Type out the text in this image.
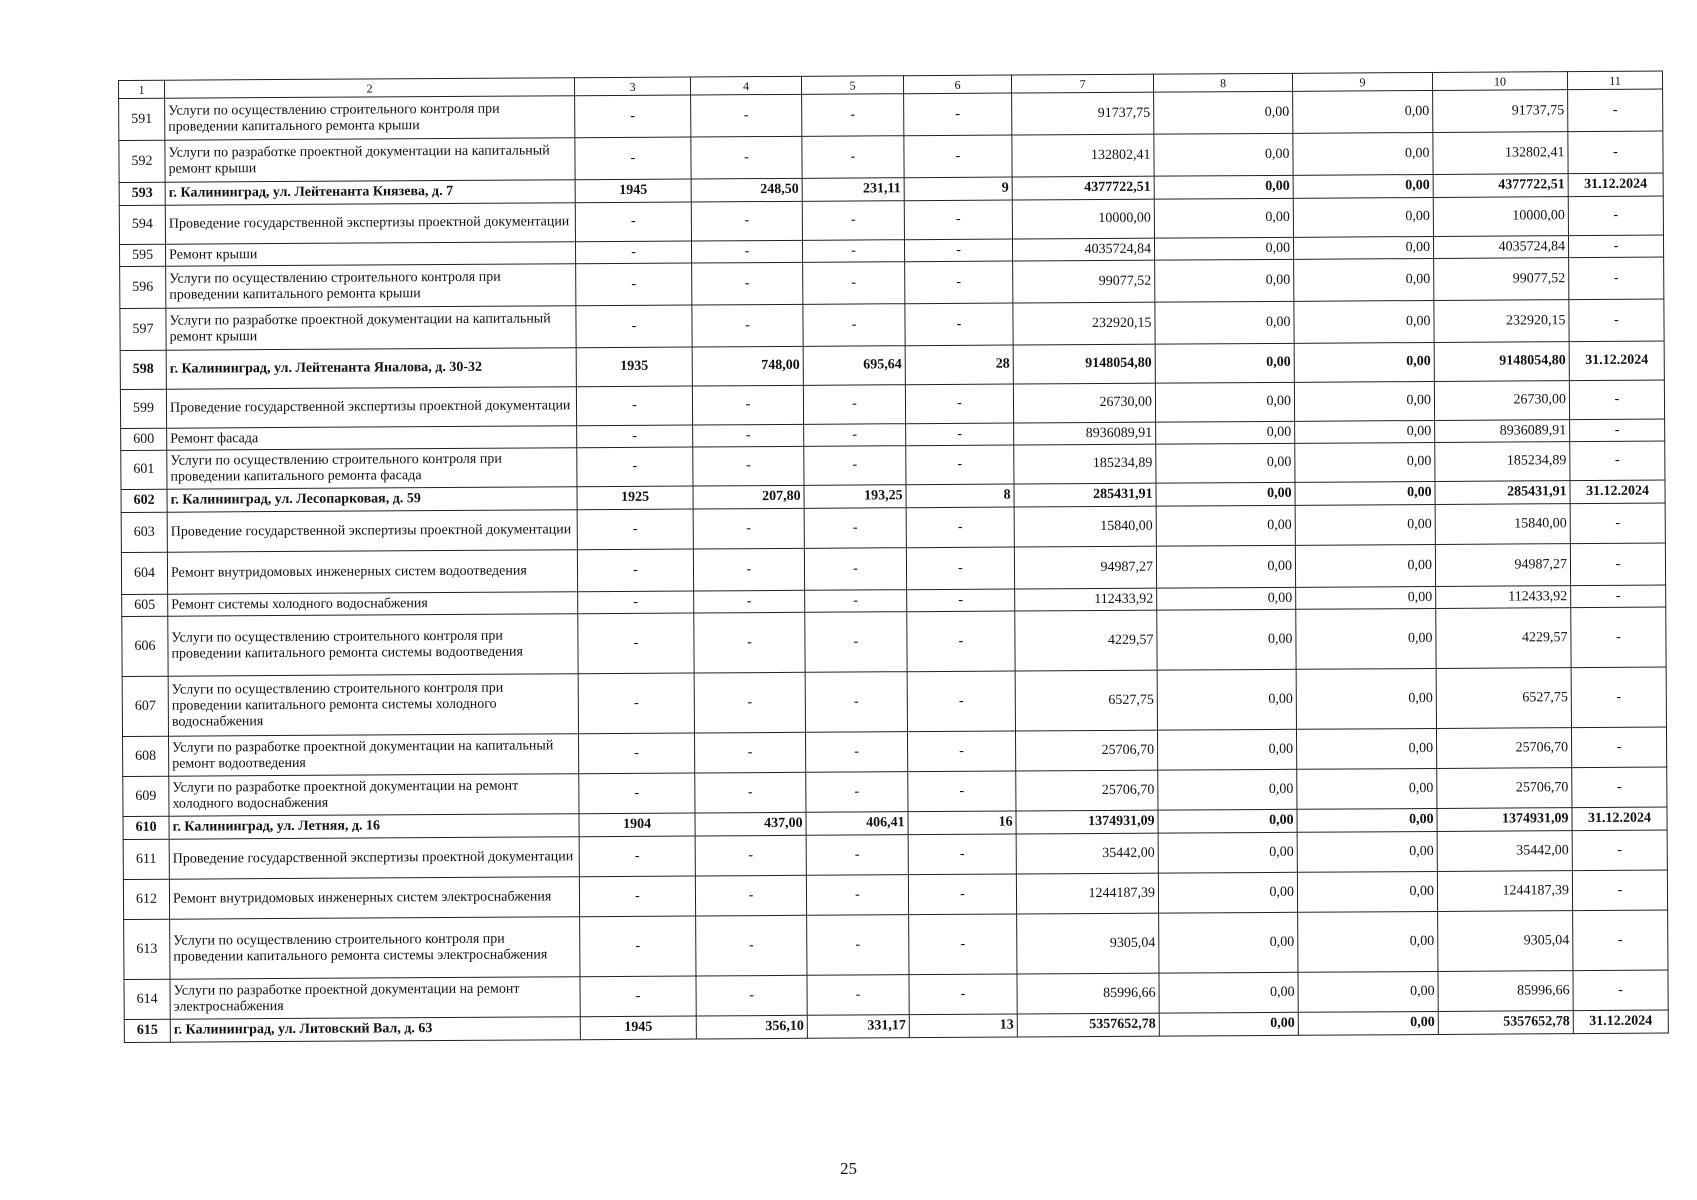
1	2	3	4	5	6	7	8	9	10	11
591	Услуги по осуществлению строительного контроля при проведении капитального ремонта крыши	-	-	-	-	91737,75	0,00	0,00	91737,75	-
592	Услуги по разработке проектной документации на капитальный ремонт крыши	-	-	-	-	132802,41	0,00	0,00	132802,41	-
593	г. Калининград, ул. Лейтенанта Князева, д. 7	1945	248,50	231,11	9	4377722,51	0,00	0,00	4377722,51	31.12.2024
594	Проведение государственной экспертизы проектной документации	-	-	-	-	10000,00	0,00	0,00	10000,00	-
595	Ремонт крыши	-	-	-	-	4035724,84	0,00	0,00	4035724,84	-
596	Услуги по осуществлению строительного контроля при проведении капитального ремонта крыши	-	-	-	-	99077,52	0,00	0,00	99077,52	-
597	Услуги по разработке проектной документации на капитальный ремонт крыши	-	-	-	-	232920,15	0,00	0,00	232920,15	-
598	г. Калининград, ул. Лейтенанта Яналова, д. 30-32	1935	748,00	695,64	28	9148054,80	0,00	0,00	9148054,80	31.12.2024
599	Проведение государственной экспертизы проектной документации	-	-	-	-	26730,00	0,00	0,00	26730,00	-
600	Ремонт фасада	-	-	-	-	8936089,91	0,00	0,00	8936089,91	-
601	Услуги по осуществлению строительного контроля при проведении капитального ремонта фасада	-	-	-	-	185234,89	0,00	0,00	185234,89	-
602	г. Калининград, ул. Лесопарковая, д. 59	1925	207,80	193,25	8	285431,91	0,00	0,00	285431,91	31.12.2024
603	Проведение государственной экспертизы проектной документации	-	-	-	-	15840,00	0,00	0,00	15840,00	-
604	Ремонт внутридомовых инженерных систем водоотведения	-	-	-	-	94987,27	0,00	0,00	94987,27	-
605	Ремонт системы холодного водоснабжения	-	-	-	-	112433,92	0,00	0,00	112433,92	-
606	Услуги по осуществлению строительного контроля при проведении капитального ремонта системы водоотведения	-	-	-	-	4229,57	0,00	0,00	4229,57	-
607	Услуги по осуществлению строительного контроля при проведении капитального ремонта системы холодного водоснабжения	-	-	-	-	6527,75	0,00	0,00	6527,75	-
608	Услуги по разработке проектной документации на капитальный ремонт водоотведения	-	-	-	-	25706,70	0,00	0,00	25706,70	-
609	Услуги по разработке проектной документации на ремонт холодного водоснабжения	-	-	-	-	25706,70	0,00	0,00	25706,70	-
610	г. Калининград, ул. Летняя, д. 16	1904	437,00	406,41	16	1374931,09	0,00	0,00	1374931,09	31.12.2024
611	Проведение государственной экспертизы проектной документации	-	-	-	-	35442,00	0,00	0,00	35442,00	-
612	Ремонт внутридомовых инженерных систем электроснабжения	-	-	-	-	1244187,39	0,00	0,00	1244187,39	-
613	Услуги по осуществлению строительного контроля при проведении капитального ремонта системы электроснабжения	-	-	-	-	9305,04	0,00	0,00	9305,04	-
614	Услуги по разработке проектной документации на ремонт электроснабжения	-	-	-	-	85996,66	0,00	0,00	85996,66	-
615	г. Калининград, ул. Литовский Вал, д. 63	1945	356,10	331,17	13	5357652,78	0,00	0,00	5357652,78	31.12.2024
25
